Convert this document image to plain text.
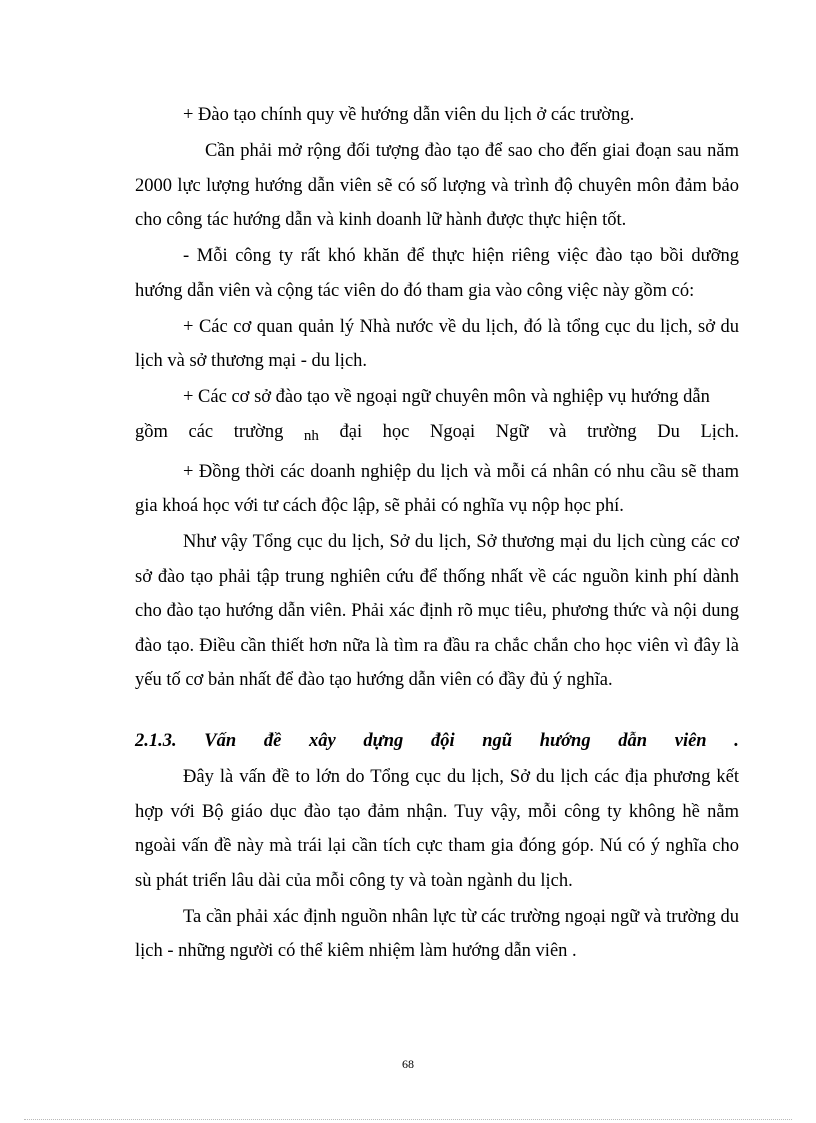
+ Đào tạo chính quy về hướng dẫn viên du lịch ở các trường.

Cần phải mở rộng đối tượng đào tạo để sao cho đến giai đoạn sau năm 2000 lực lượng hướng dẫn viên sẽ có số lượng và trình độ chuyên môn đảm bảo cho công tác hướng dẫn và kinh doanh lữ hành được thực hiện tốt.

- Mỗi công ty rất khó khăn để thực hiện riêng việc đào tạo bồi dưỡng hướng dẫn viên và cộng tác viên do đó tham gia vào công việc này gồm có:

+ Các cơ quan quản lý Nhà nước về du lịch, đó là tổng cục du lịch, sở du lịch và sở thương mại - du lịch.

+ Các cơ sở đào tạo về ngoại ngữ chuyên môn và nghiệp vụ hướng dẫn

gồm các trường nh đại học Ngoại Ngữ và trường Du Lịch.

+ Đồng thời các doanh nghiệp du lịch và mỗi cá nhân có nhu cầu sẽ tham gia khoá học với tư cách độc lập, sẽ phải có nghĩa vụ nộp học phí.

Như vậy Tổng cục du lịch, Sở du lịch, Sở thương mại du lịch cùng các cơ sở đào tạo phải tập trung nghiên cứu để thống nhất về các nguồn kinh phí dành cho đào tạo hướng dẫn viên. Phải xác định rõ mục tiêu, phương thức và nội dung đào tạo. Điều cần thiết hơn nữa là tìm ra đầu ra chắc chắn cho học viên vì đây là yếu tố cơ bản nhất để đào tạo hướng dẫn viên có đầy đủ ý nghĩa.

2.1.3. Vấn đề xây dựng đội ngũ hướng dẫn viên .

Đây là vấn đề to lớn do Tổng cục du lịch, Sở du lịch các địa phương kết hợp với Bộ giáo dục đào tạo đảm nhận. Tuy vậy, mỗi công ty không hề nằm ngoài vấn đề này mà trái lại cần tích cực tham gia đóng góp. Nú có ý nghĩa cho sù phát triển lâu dài của mỗi công ty và toàn ngành du lịch.

Ta cần phải xác định nguồn nhân lực từ các trường ngoại ngữ và trường du lịch - những người có thể kiêm nhiệm làm hướng dẫn viên .

68
